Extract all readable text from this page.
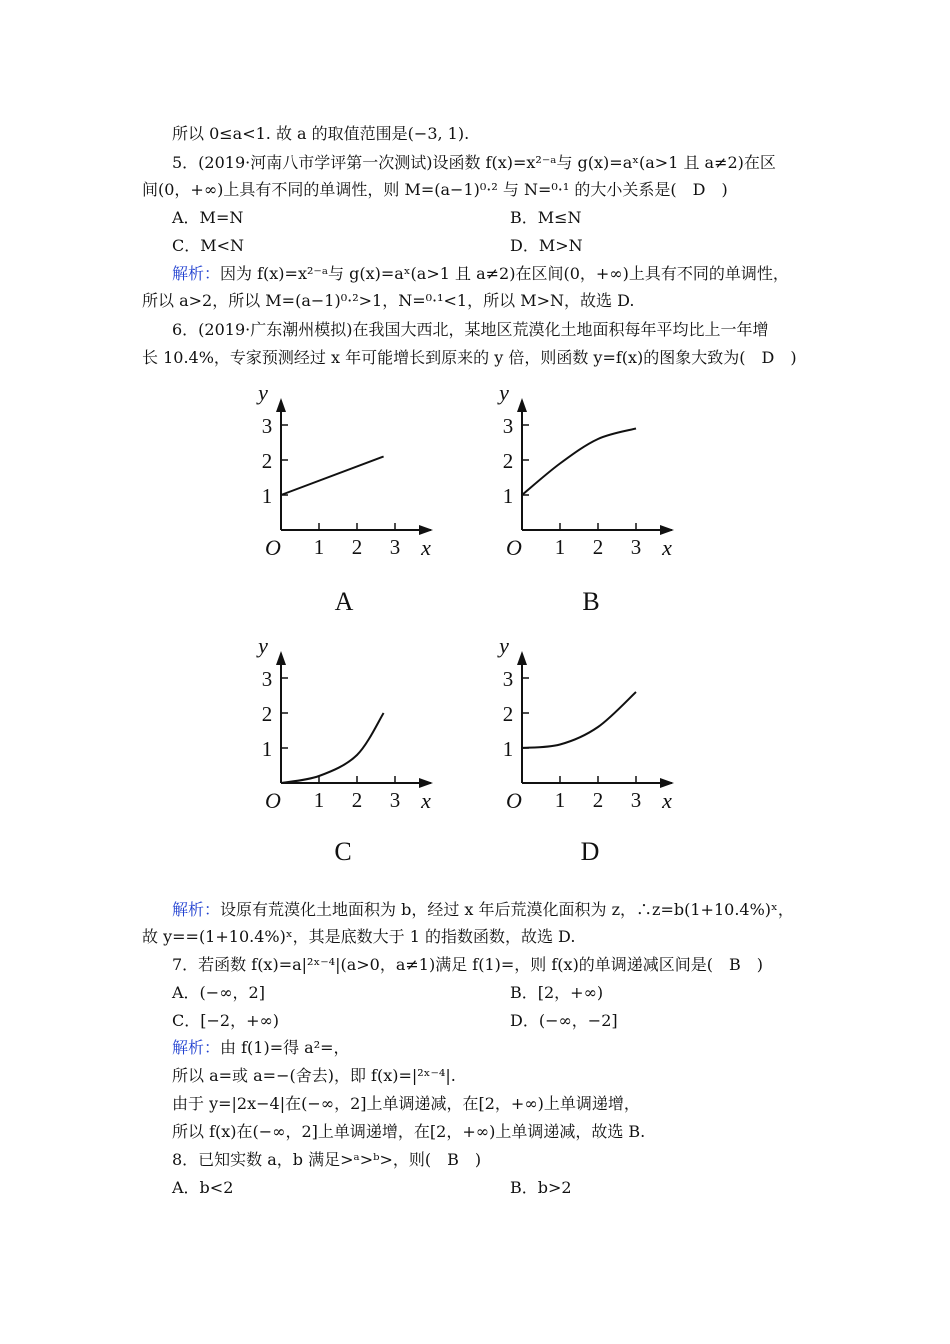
所以 0≤a<1. 故 a 的取值范围是(−3, 1).
5．(2019·河南八市学评第一次测试)设函数 f(x)=x²⁻ᵃ与 g(x)=aˣ(a>1 且 a≠2)在区
间(0，+∞)上具有不同的单调性，则 M=(a−1)⁰·² 与 N=⁰·¹ 的大小关系是(　D　)
A．M=N	B．M≤N
C．M<N	D．M>N
解析：因为 f(x)=x²⁻ᵃ与 g(x)=aˣ(a>1 且 a≠2)在区间(0，+∞)上具有不同的单调性，
所以 a>2，所以 M=(a−1)⁰·²>1，N=⁰·¹<1，所以 M>N，故选 D.
6．(2019·广东潮州模拟)在我国大西北，某地区荒漠化土地面积每年平均比上一年增
长 10.4%，专家预测经过 x 年可能增长到原来的 y 倍，则函数 y=f(x)的图象大致为(　D　)
y
x
O 1 2 3
1
2
3
A
y
x
O 1 2 3
1
2
3
B
y
x
O 1 2 3
1
2
3
C
y
x
O 1 2 3
1
2
3
D
解析：设原有荒漠化土地面积为 b，经过 x 年后荒漠化面积为 z，∴z=b(1+10.4%)ˣ，
故 y==(1+10.4%)ˣ，其是底数大于 1 的指数函数，故选 D.
7．若函数 f(x)=a|²ˣ⁻⁴|(a>0，a≠1)满足 f(1)=，则 f(x)的单调递减区间是(　B　)
A．(−∞，2]	B．[2，+∞)
C．[−2，+∞)	D．(−∞，−2]
解析：由 f(1)=得 a²=，
所以 a=或 a=−(舍去)，即 f(x)=|²ˣ⁻⁴|.
由于 y=|2x−4|在(−∞，2]上单调递减，在[2，+∞)上单调递增，
所以 f(x)在(−∞，2]上单调递增，在[2，+∞)上单调递减，故选 B.
8．已知实数 a，b 满足>ᵃ>ᵇ>，则(　B　)
A．b<2	B．b>2
